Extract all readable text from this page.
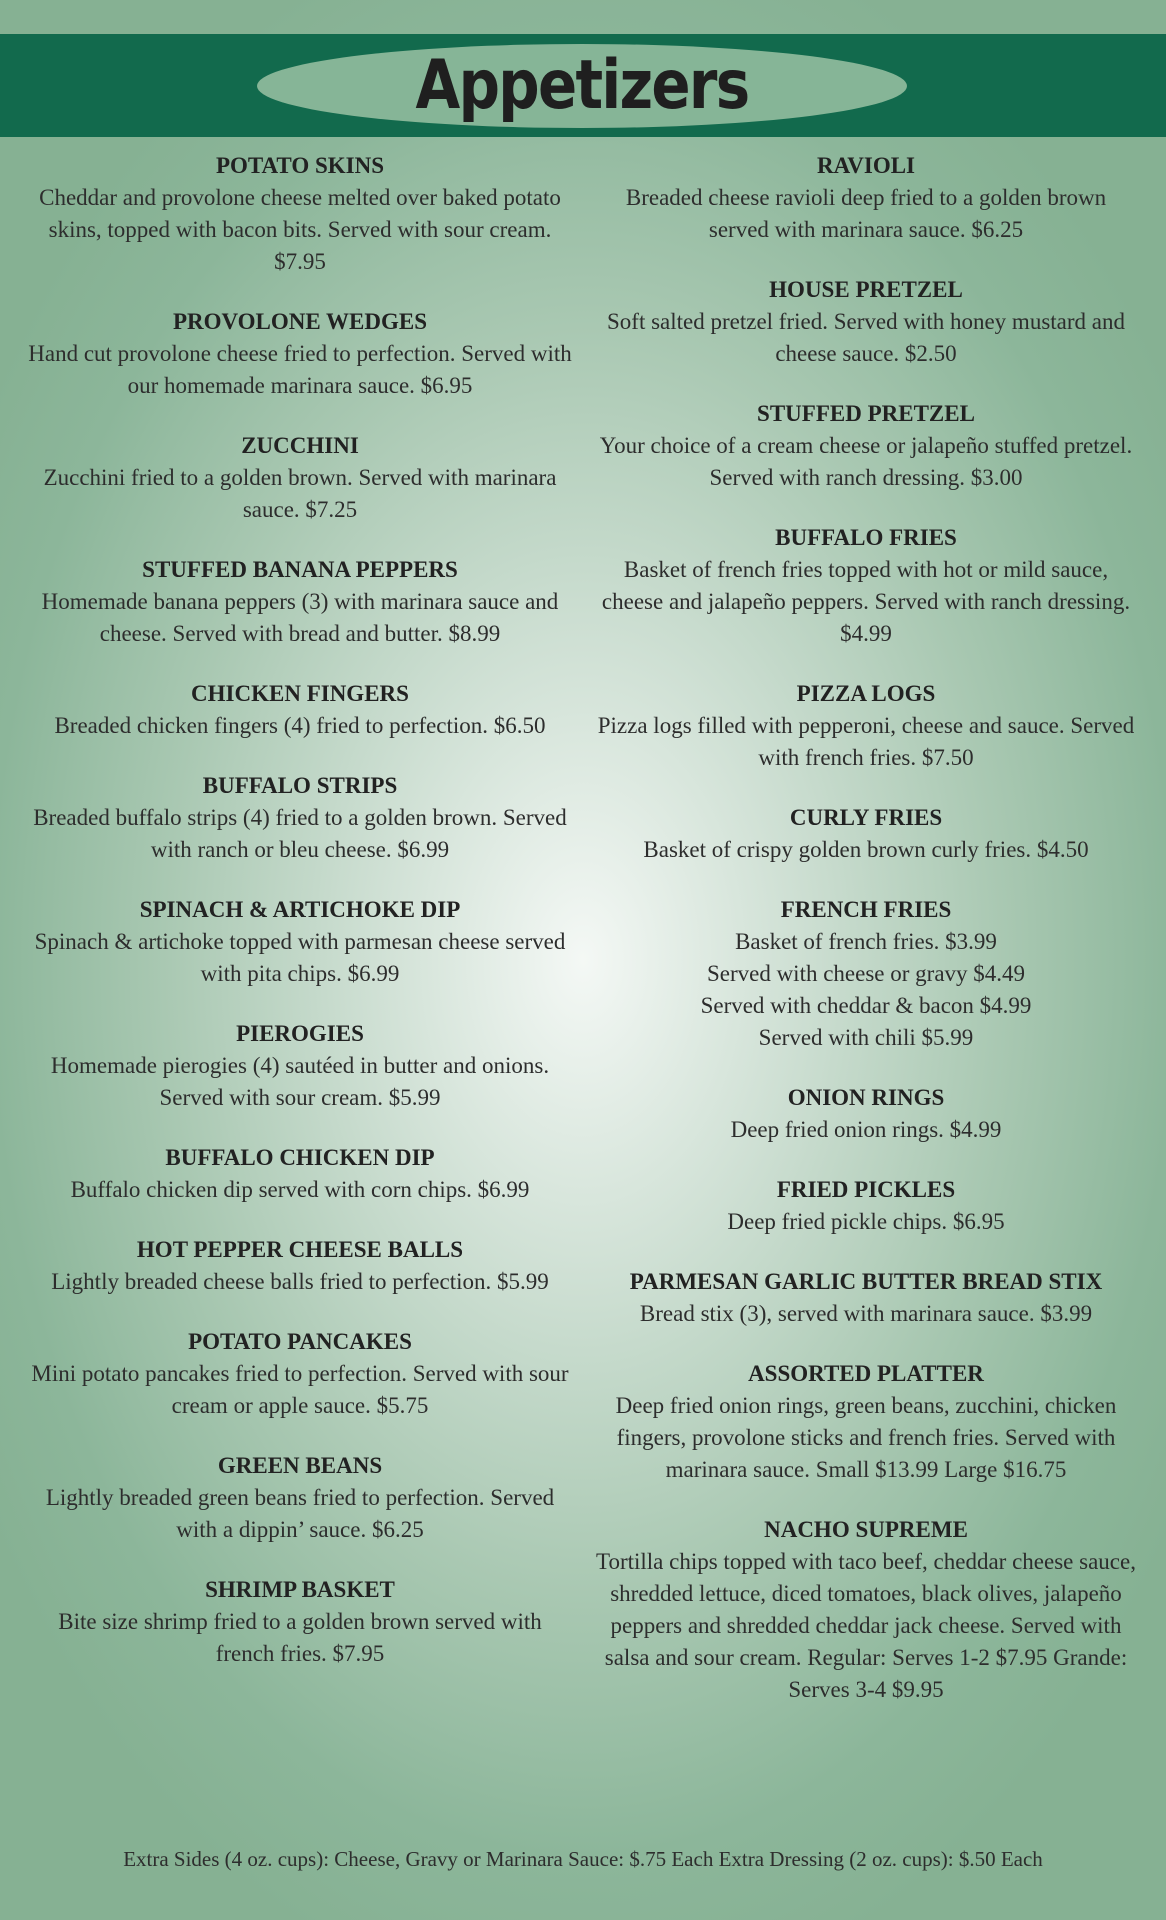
Appetizers
POTATO SKINS
Cheddar and provolone cheese melted over baked potato skins, topped with bacon bits. Served with sour cream. $7.95
PROVOLONE WEDGES
Hand cut provolone cheese fried to perfection. Served with our homemade marinara sauce. $6.95
ZUCCHINI
Zucchini fried to a golden brown. Served with marinara sauce. $7.25
STUFFED BANANA PEPPERS
Homemade banana peppers (3) with marinara sauce and cheese. Served with bread and butter. $8.99
CHICKEN FINGERS
Breaded chicken fingers (4) fried to perfection. $6.50
BUFFALO STRIPS
Breaded buffalo strips (4) fried to a golden brown. Served with ranch or bleu cheese. $6.99
SPINACH & ARTICHOKE DIP
Spinach & artichoke topped with parmesan cheese served with pita chips. $6.99
PIEROGIES
Homemade pierogies (4) sautéed in butter and onions. Served with sour cream. $5.99
BUFFALO CHICKEN DIP
Buffalo chicken dip served with corn chips. $6.99
HOT PEPPER CHEESE BALLS
Lightly breaded cheese balls fried to perfection. $5.99
POTATO PANCAKES
Mini potato pancakes fried to perfection. Served with sour cream or apple sauce. $5.75
GREEN BEANS
Lightly breaded green beans fried to perfection. Served with a dippin’ sauce. $6.25
SHRIMP BASKET
Bite size shrimp fried to a golden brown served with french fries. $7.95
RAVIOLI
Breaded cheese ravioli deep fried to a golden brown served with marinara sauce. $6.25
HOUSE PRETZEL
Soft salted pretzel fried. Served with honey mustard and cheese sauce. $2.50
STUFFED PRETZEL
Your choice of a cream cheese or jalapeño stuffed pretzel. Served with ranch dressing. $3.00
BUFFALO FRIES
Basket of french fries topped with hot or mild sauce, cheese and jalapeño peppers. Served with ranch dressing. $4.99
PIZZA LOGS
Pizza logs filled with pepperoni, cheese and sauce. Served with french fries. $7.50
CURLY FRIES
Basket of crispy golden brown curly fries. $4.50
FRENCH FRIES
Basket of french fries. $3.99
Served with cheese or gravy $4.49
Served with cheddar & bacon $4.99
Served with chili $5.99
ONION RINGS
Deep fried onion rings. $4.99
FRIED PICKLES
Deep fried pickle chips. $6.95
PARMESAN GARLIC BUTTER BREAD STIX
Bread stix (3), served with marinara sauce. $3.99
ASSORTED PLATTER
Deep fried onion rings, green beans, zucchini, chicken fingers, provolone sticks and french fries. Served with marinara sauce. Small $13.99 Large $16.75
NACHO SUPREME
Tortilla chips topped with taco beef, cheddar cheese sauce, shredded lettuce, diced tomatoes, black olives, jalapeño peppers and shredded cheddar jack cheese. Served with salsa and sour cream. Regular: Serves 1-2 $7.95 Grande: Serves 3-4 $9.95
Extra Sides (4 oz. cups): Cheese, Gravy or Marinara Sauce: $.75 Each Extra Dressing (2 oz. cups): $.50 Each
